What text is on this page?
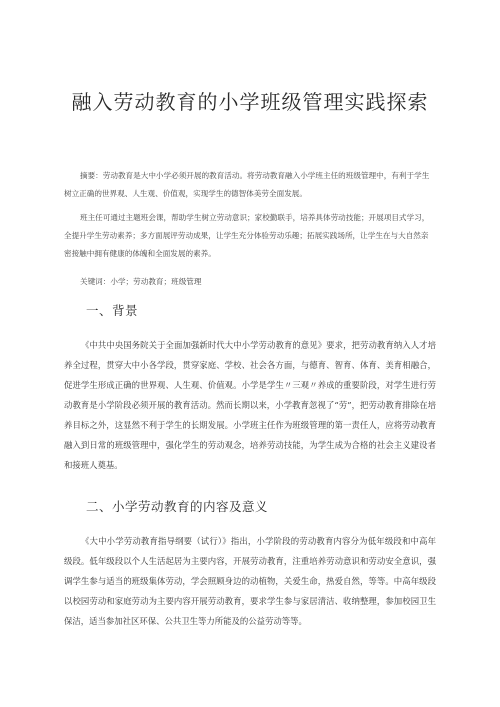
融入劳动教育的小学班级管理实践探索

摘要：劳动教育是大中小学必须开展的教育活动。将劳动教育融入小学班主任的班级管理中，有利于学生树立正确的世界观、人生观、价值观，实现学生的德智体美劳全面发展。

班主任可通过主题班会课，帮助学生树立劳动意识；家校勤联手，培养具体劳动技能；开展项目式学习，全提升学生劳动素养；多方面展评劳动成果，让学生充分体验劳动乐趣；拓展实践场所，让学生在与大自然亲密接触中拥有健康的体魄和全面发展的素养。

关键词：小学；劳动教育；班级管理

一、背景

《中共中央国务院关于全面加强新时代大中小学劳动教育的意见》要求，把劳动教育纳入人才培养全过程，贯穿大中小各学段，贯穿家庭、学校、社会各方面，与德育、智育、体育、美育相融合，促进学生形成正确的世界观、人生观、价值观。小学是学生〃三观〃养成的重要阶段，对学生进行劳动教育是小学阶段必须开展的教育活动。然而长期以来，小学教育忽视了“劳”，把劳动教育排除在培养目标之外，这显然不利于学生的长期发展。小学班主任作为班级管理的第一责任人，应将劳动教育融入到日常的班级管理中，强化学生的劳动观念，培养劳动技能，为学生成为合格的社会主义建设者和接班人奠基。

二、小学劳动教育的内容及意义

《大中小学劳动教育指导纲要（试行）》指出，小学阶段的劳动教育内容分为低年级段和中高年级段。低年级段以个人生活起居为主要内容，开展劳动教育，注重培养劳动意识和劳动安全意识，强调学生参与适当的班级集体劳动，学会照顾身边的动植物，关爱生命，热爱自然，等等。中高年级段以校园劳动和家庭劳动为主要内容开展劳动教育，要求学生参与家居清洁、收纳整理，参加校园卫生保洁，适当参加社区环保、公共卫生等力所能及的公益劳动等等。
